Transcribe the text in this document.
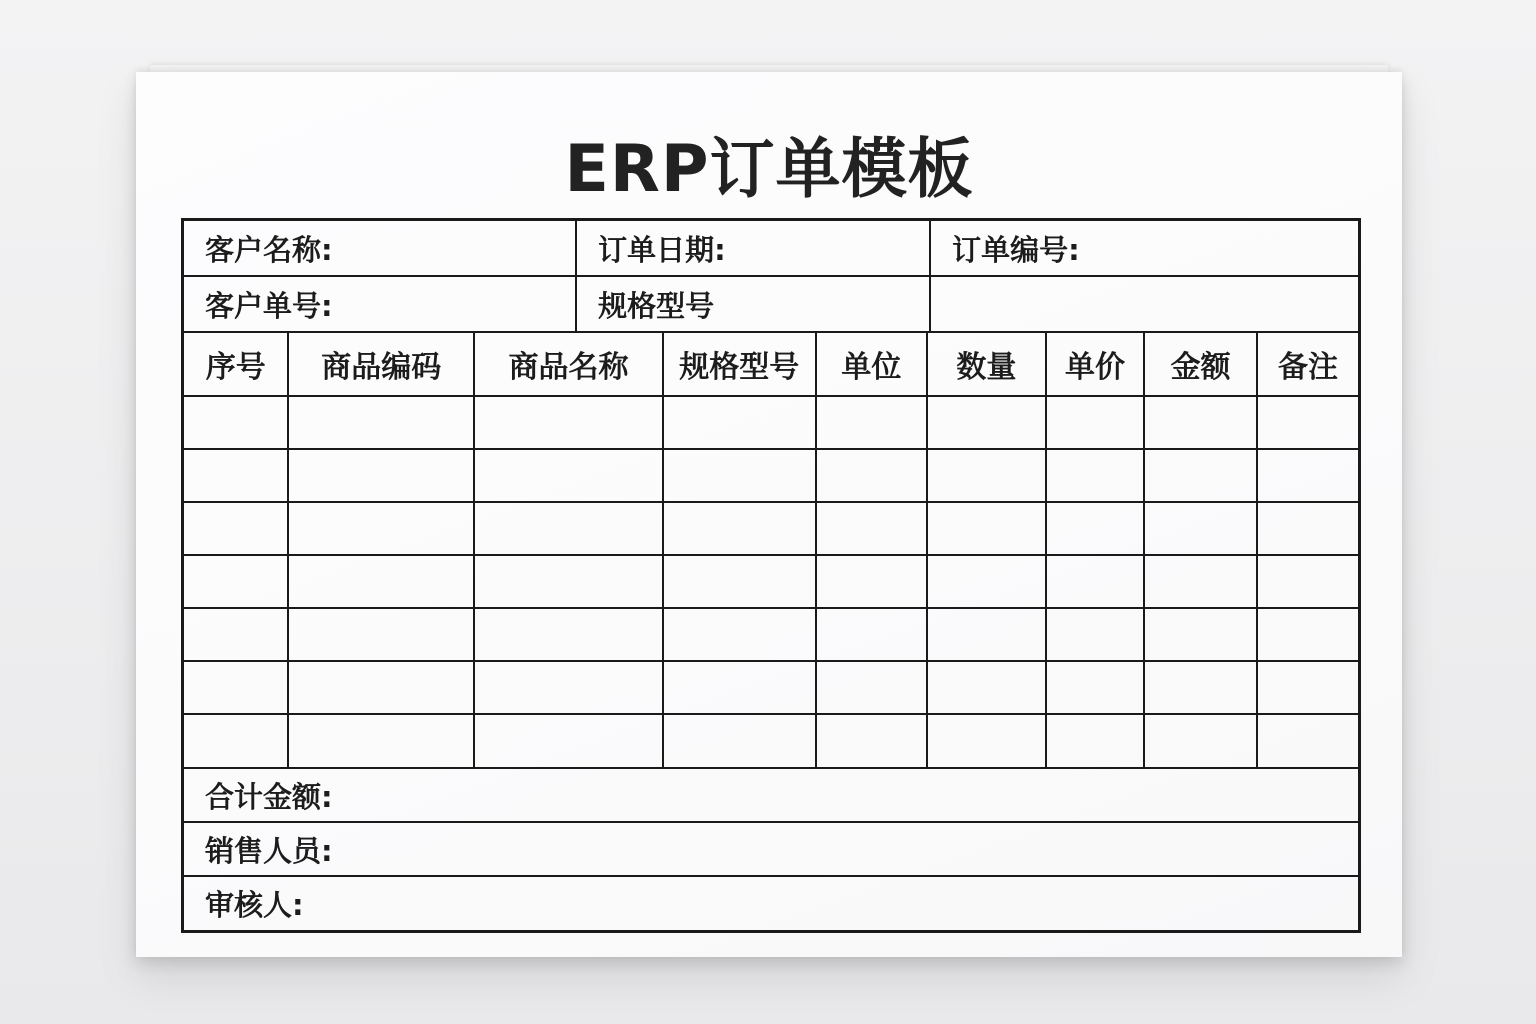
ERP订单模板
客户名称:	订单日期:	订单编号:
客户单号:	规格型号	
序号	商品编码	商品名称	规格型号	单位	数量	单价	金额	备注

合计金额:
销售人员:
审核人:
